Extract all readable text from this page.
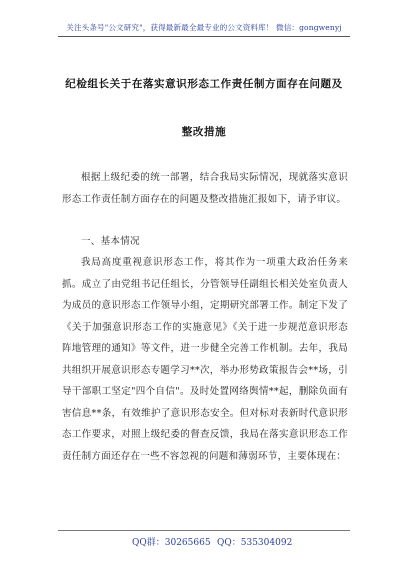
关注头条号"公文研究"，获得最新最全最专业的公文资料库！ 微信：gongwenyj
纪检组长关于在落实意识形态工作责任制方面存在问题及
整改措施

根据上级纪委的统一部署，结合我局实际情况，现就落实意识形态工作责任制方面存在的问题及整改措施汇报如下，请予审议。

一、基本情况

我局高度重视意识形态工作，将其作为一项重大政治任务来抓。成立了由党组书记任组长，分管领导任副组长相关处室负责人为成员的意识形态工作领导小组，定期研究部署工作。制定下发了《关于加强意识形态工作的实施意见》《关于进一步规范意识形态阵地管理的通知》等文件，进一步健全完善工作机制。去年，我局共组织开展意识形态专题学习**次，举办形势政策报告会**场，引导干部职工坚定"四个自信"。及时处置网络舆情**起，删除负面有害信息**条，有效维护了意识形态安全。但对标对表新时代意识形态工作要求，对照上级纪委的督查反馈，我局在落实意识形态工作责任制方面还存在一些不容忽视的问题和薄弱环节，主要体现在：

QQ群：30265665 QQ：535304092
